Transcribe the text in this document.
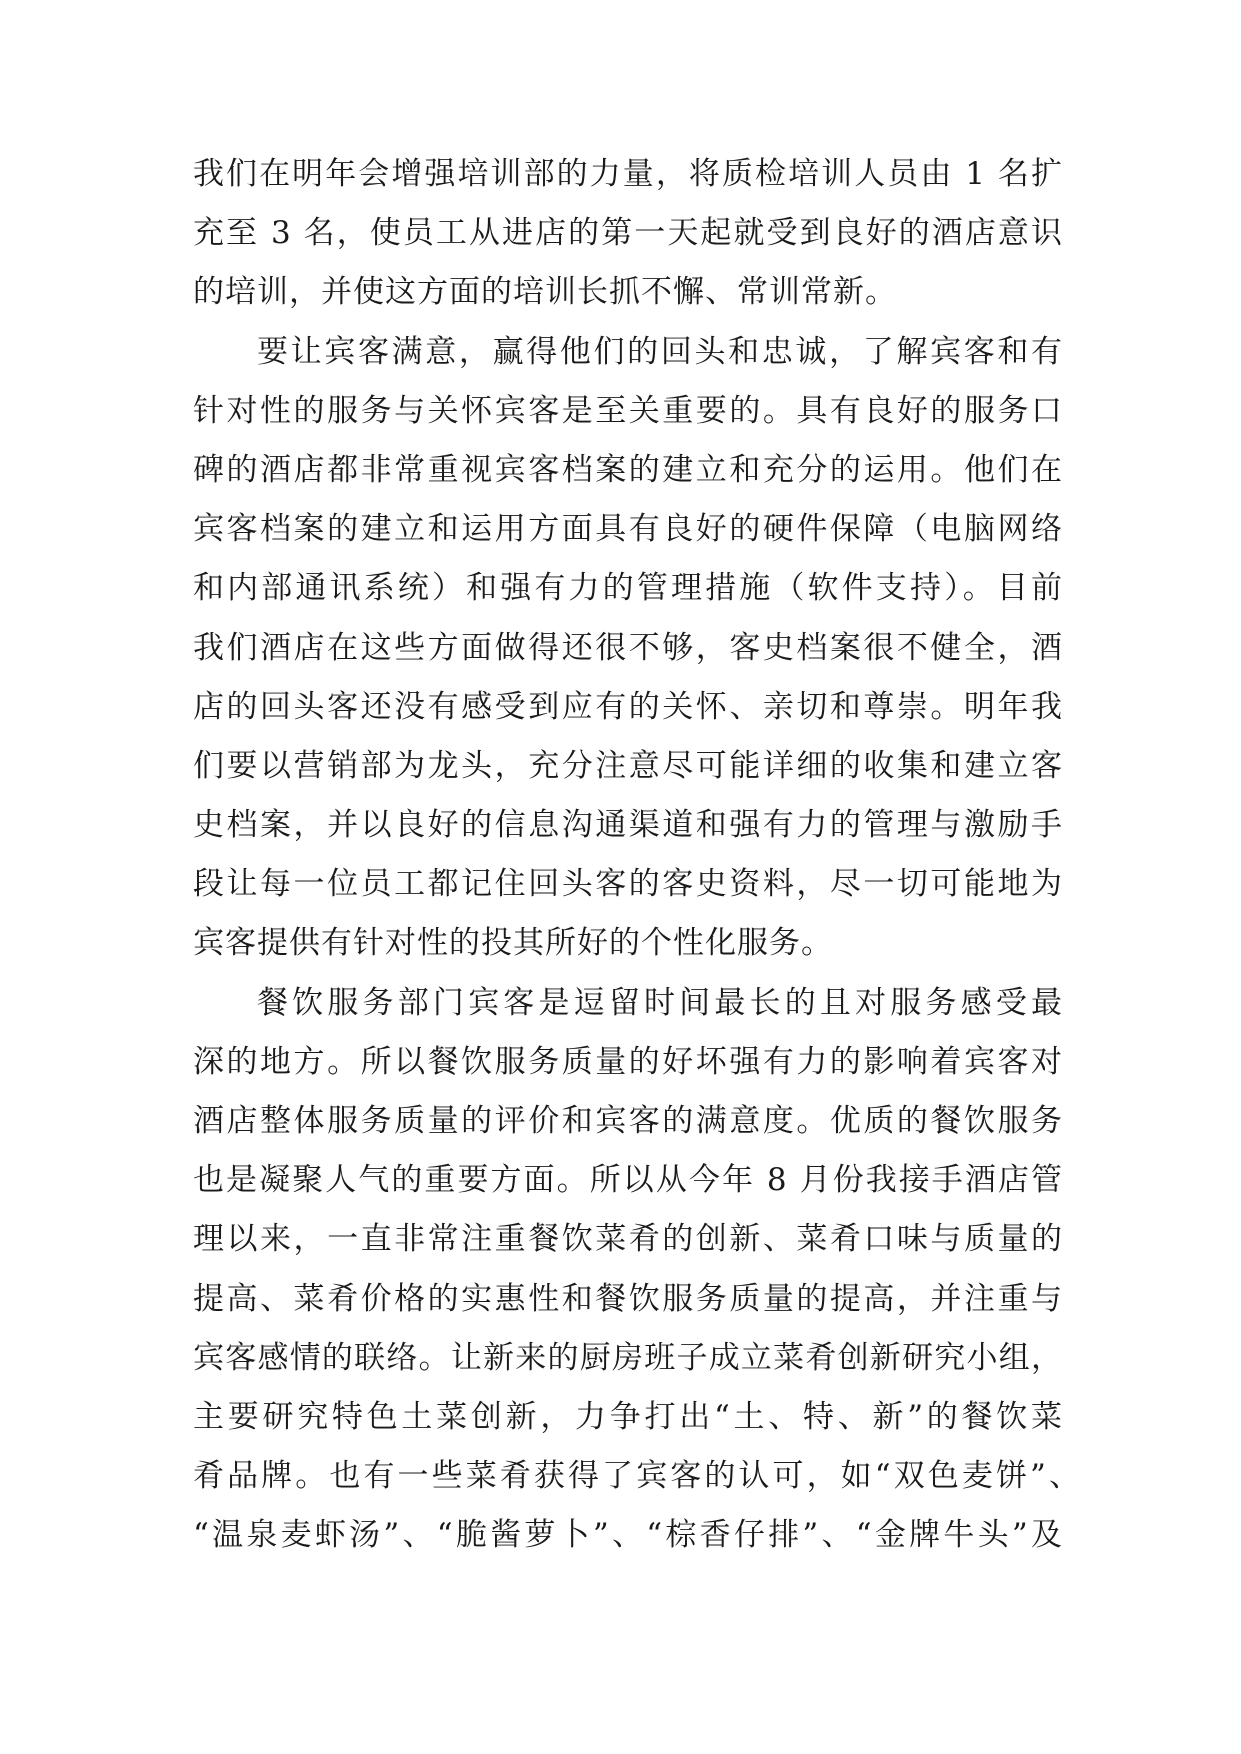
我们在明年会增强培训部的力量，将质检培训人员由 1 名扩
充至 3 名，使员工从进店的第一天起就受到良好的酒店意识
的培训，并使这方面的培训长抓不懈、常训常新。
要让宾客满意，赢得他们的回头和忠诚，了解宾客和有
针对性的服务与关怀宾客是至关重要的。具有良好的服务口
碑的酒店都非常重视宾客档案的建立和充分的运用。他们在
宾客档案的建立和运用方面具有良好的硬件保障（电脑网络
和内部通讯系统）和强有力的管理措施（软件支持）。目前
我们酒店在这些方面做得还很不够，客史档案很不健全，酒
店的回头客还没有感受到应有的关怀、亲切和尊崇。明年我
们要以营销部为龙头，充分注意尽可能详细的收集和建立客
史档案，并以良好的信息沟通渠道和强有力的管理与激励手
段让每一位员工都记住回头客的客史资料，尽一切可能地为
宾客提供有针对性的投其所好的个性化服务。
餐饮服务部门宾客是逗留时间最长的且对服务感受最
深的地方。所以餐饮服务质量的好坏强有力的影响着宾客对
酒店整体服务质量的评价和宾客的满意度。优质的餐饮服务
也是凝聚人气的重要方面。所以从今年 8 月份我接手酒店管
理以来，一直非常注重餐饮菜肴的创新、菜肴口味与质量的
提高、菜肴价格的实惠性和餐饮服务质量的提高，并注重与
宾客感情的联络。让新来的厨房班子成立菜肴创新研究小组，
主要研究特色土菜创新，力争打出“土、特、新”的餐饮菜
肴品牌。也有一些菜肴获得了宾客的认可，如“双色麦饼”、
“温泉麦虾汤”、“脆酱萝卜”、“棕香仔排”、“金牌牛头”及
